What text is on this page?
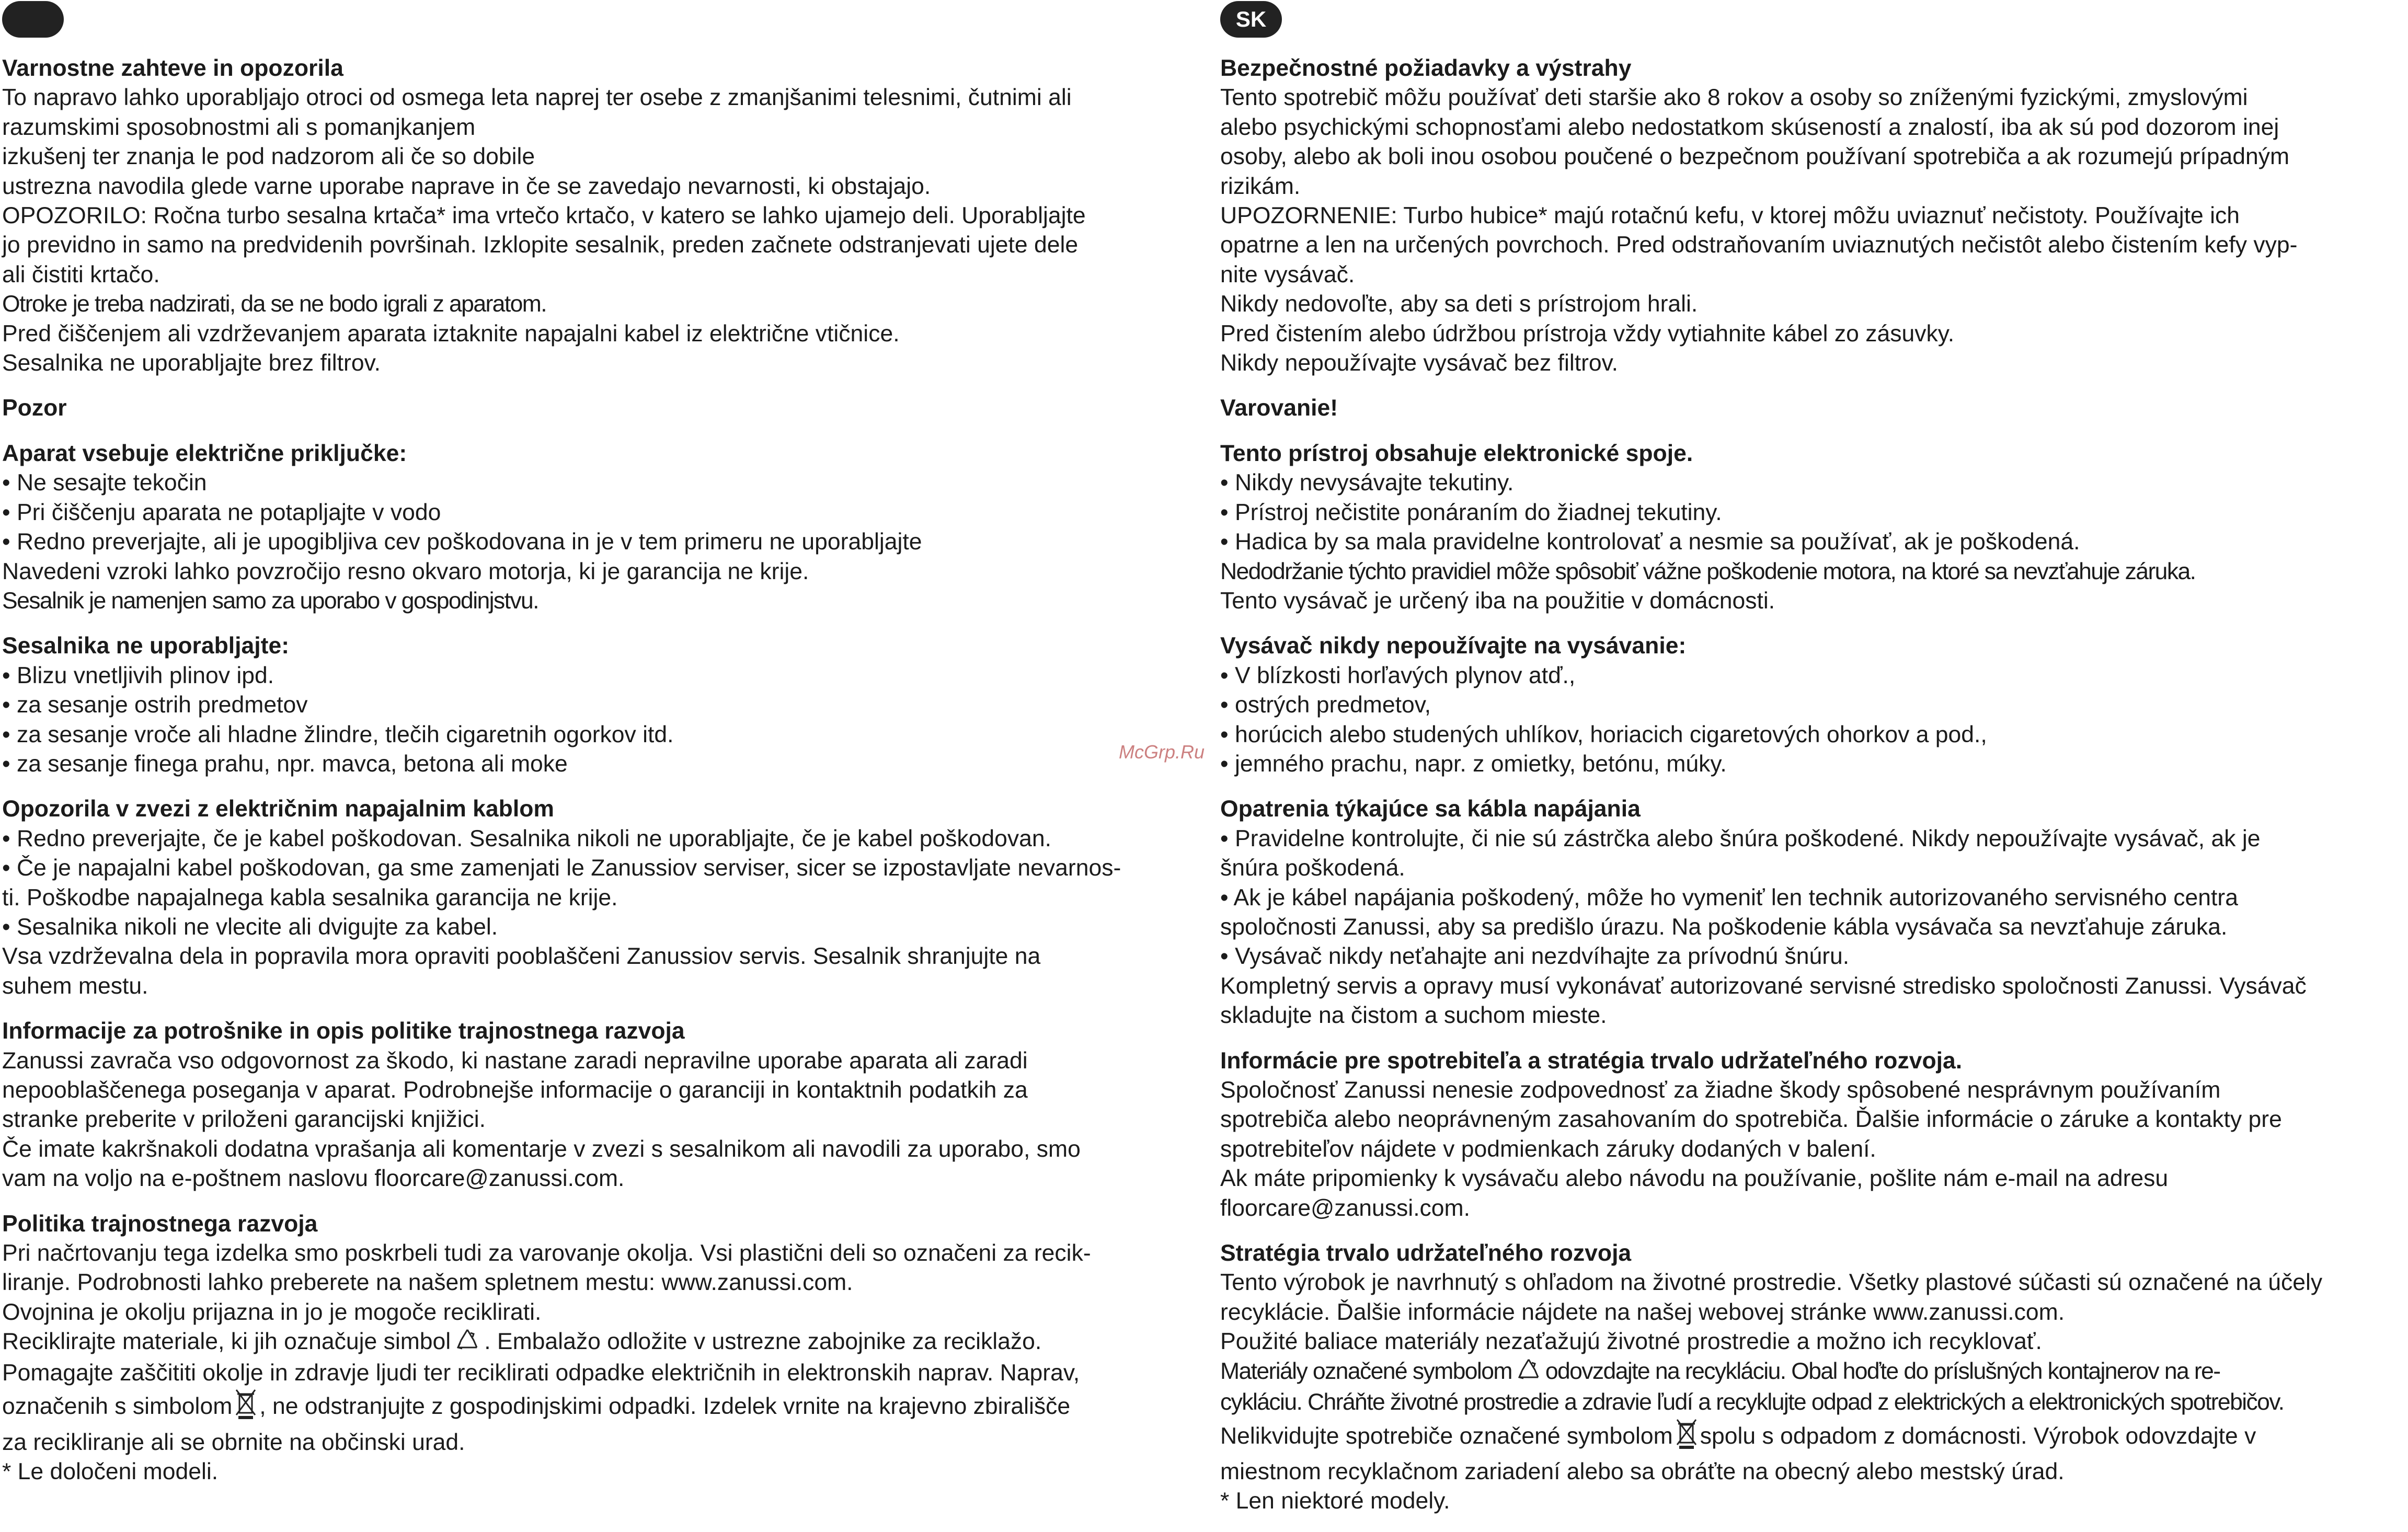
Varnostne zahteve in opozorila
To napravo lahko uporabljajo otroci od osmega leta naprej ter osebe z zmanjšanimi telesnimi, čutnimi ali
razumskimi sposobnostmi ali s pomanjkanjem
izkušenj ter znanja le pod nadzorom ali če so dobile
ustrezna navodila glede varne uporabe naprave in če se zavedajo nevarnosti, ki obstajajo.
OPOZORILO: Ročna turbo sesalna krtača* ima vrtečo krtačo, v katero se lahko ujamejo deli. Uporabljajte
jo previdno in samo na predvidenih površinah. Izklopite sesalnik, preden začnete odstranjevati ujete dele
ali čistiti krtačo.
Otroke je treba nadzirati, da se ne bodo igrali z aparatom.
Pred čiščenjem ali vzdrževanjem aparata iztaknite napajalni kabel iz električne vtičnice.
Sesalnika ne uporabljajte brez filtrov.
Pozor
Aparat vsebuje električne priključke:
• Ne sesajte tekočin
• Pri čiščenju aparata ne potapljajte v vodo
• Redno preverjajte, ali je upogibljiva cev poškodovana in je v tem primeru ne uporabljajte
Navedeni vzroki lahko povzročijo resno okvaro motorja, ki je garancija ne krije.
Sesalnik je namenjen samo za uporabo v gospodinjstvu.
Sesalnika ne uporabljajte:
• Blizu vnetljivih plinov ipd.
• za sesanje ostrih predmetov
• za sesanje vroče ali hladne žlindre, tlečih cigaretnih ogorkov itd.
• za sesanje finega prahu, npr. mavca, betona ali moke
Opozorila v zvezi z električnim napajalnim kablom
• Redno preverjajte, če je kabel poškodovan. Sesalnika nikoli ne uporabljajte, če je kabel poškodovan.
• Če je napajalni kabel poškodovan, ga sme zamenjati le Zanussiov serviser, sicer se izpostavljate nevarnos-
ti. Poškodbe napajalnega kabla sesalnika garancija ne krije.
• Sesalnika nikoli ne vlecite ali dvigujte za kabel.
Vsa vzdrževalna dela in popravila mora opraviti pooblaščeni Zanussiov servis. Sesalnik shranjujte na
suhem mestu.
Informacije za potrošnike in opis politike trajnostnega razvoja
Zanussi zavrača vso odgovornost za škodo, ki nastane zaradi nepravilne uporabe aparata ali zaradi
nepooblaščenega poseganja v aparat. Podrobnejše informacije o garanciji in kontaktnih podatkih za
stranke preberite v priloženi garancijski knjižici.
Če imate kakršnakoli dodatna vprašanja ali komentarje v zvezi s sesalnikom ali navodili za uporabo, smo
vam na voljo na e-poštnem naslovu floorcare@zanussi.com.
Politika trajnostnega razvoja
Pri načrtovanju tega izdelka smo poskrbeli tudi za varovanje okolja. Vsi plastični deli so označeni za recik-
liranje. Podrobnosti lahko preberete na našem spletnem mestu: www.zanussi.com.
Ovojnina je okolju prijazna in jo je mogoče reciklirati.
Reciklirajte materiale, ki jih označuje simbol . Embalažo odložite v ustrezne zabojnike za reciklažo.
Pomagajte zaščititi okolje in zdravje ljudi ter reciklirati odpadke električnih in elektronskih naprav. Naprav,
označenih s simbolom , ne odstranjujte z gospodinjskimi odpadki. Izdelek vrnite na krajevno zbirališče
za recikliranje ali se obrnite na občinski urad.
* Le določeni modeli.
SK
Bezpečnostné požiadavky a výstrahy
Tento spotrebič môžu používať deti staršie ako 8 rokov a osoby so zníženými fyzickými, zmyslovými
alebo psychickými schopnosťami alebo nedostatkom skúseností a znalostí, iba ak sú pod dozorom inej
osoby, alebo ak boli inou osobou poučené o bezpečnom používaní spotrebiča a ak rozumejú prípadným
rizikám.
UPOZORNENIE: Turbo hubice* majú rotačnú kefu, v ktorej môžu uviaznuť nečistoty. Používajte ich
opatrne a len na určených povrchoch. Pred odstraňovaním uviaznutých nečistôt alebo čistením kefy vyp-
nite vysávač.
Nikdy nedovoľte, aby sa deti s prístrojom hrali.
Pred čistením alebo údržbou prístroja vždy vytiahnite kábel zo zásuvky.
Nikdy nepoužívajte vysávač bez filtrov.
Varovanie!
Tento prístroj obsahuje elektronické spoje.
• Nikdy nevysávajte tekutiny.
• Prístroj nečistite ponáraním do žiadnej tekutiny.
• Hadica by sa mala pravidelne kontrolovať a nesmie sa používať, ak je poškodená.
Nedodržanie týchto pravidiel môže spôsobiť vážne poškodenie motora, na ktoré sa nevzťahuje záruka.
Tento vysávač je určený iba na použitie v domácnosti.
Vysávač nikdy nepoužívajte na vysávanie:
• V blízkosti horľavých plynov atď.,
• ostrých predmetov,
• horúcich alebo studených uhlíkov, horiacich cigaretových ohorkov a pod.,
• jemného prachu, napr. z omietky, betónu, múky.
Opatrenia týkajúce sa kábla napájania
• Pravidelne kontrolujte, či nie sú zástrčka alebo šnúra poškodené. Nikdy nepoužívajte vysávač, ak je
šnúra poškodená.
• Ak je kábel napájania poškodený, môže ho vymeniť len technik autorizovaného servisného centra
spoločnosti Zanussi, aby sa predišlo úrazu. Na poškodenie kábla vysávača sa nevzťahuje záruka.
• Vysávač nikdy neťahajte ani nezdvíhajte za prívodnú šnúru.
Kompletný servis a opravy musí vykonávať autorizované servisné stredisko spoločnosti Zanussi. Vysávač
skladujte na čistom a suchom mieste.
Informácie pre spotrebiteľa a stratégia trvalo udržateľného rozvoja.
Spoločnosť Zanussi nenesie zodpovednosť za žiadne škody spôsobené nesprávnym používaním
spotrebiča alebo neoprávneným zasahovaním do spotrebiča. Ďalšie informácie o záruke a kontakty pre
spotrebiteľov nájdete v podmienkach záruky dodaných v balení.
Ak máte pripomienky k vysávaču alebo návodu na používanie, pošlite nám e-mail na adresu
floorcare@zanussi.com.
Stratégia trvalo udržateľného rozvoja
Tento výrobok je navrhnutý s ohľadom na životné prostredie. Všetky plastové súčasti sú označené na účely
recyklácie. Ďalšie informácie nájdete na našej webovej stránke www.zanussi.com.
Použité baliace materiály nezaťažujú životné prostredie a možno ich recyklovať.
Materiály označené symbolom odovzdajte na recykláciu. Obal hoďte do príslušných kontajnerov na re-
cykláciu. Chráňte životné prostredie a zdravie ľudí a recyklujte odpad z elektrických a elektronických spotrebičov.
Nelikvidujte spotrebiče označené symbolom spolu s odpadom z domácnosti. Výrobok odovzdajte v
miestnom recyklačnom zariadení alebo sa obráťte na obecný alebo mestský úrad.
* Len niektoré modely.
McGrp.Ru
